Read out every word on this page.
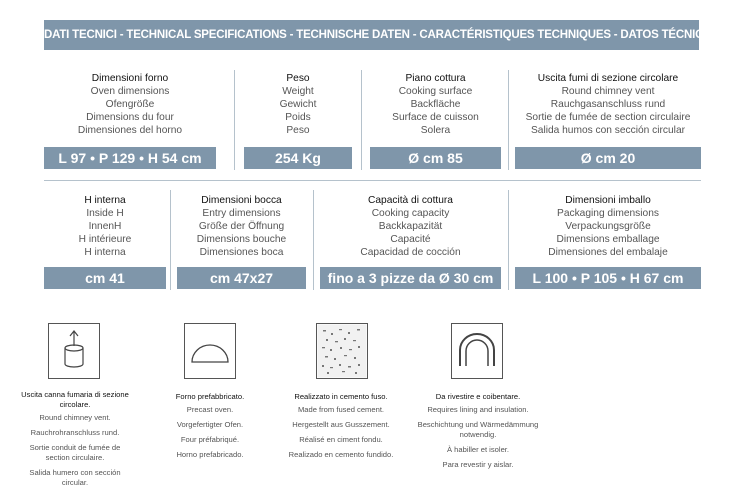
DATI TECNICI - TECHNICAL SPECIFICATIONS - TECHNISCHE DATEN - CARACTÉRISTIQUES TECHNIQUES - DATOS TÉCNICOS
Dimensioni forno
Oven dimensions
Ofengröße
Dimensions du four
Dimensiones del horno
L 97 • P 129 • H 54 cm
Peso
Weight
Gewicht
Poids
Peso
254 Kg
Piano cottura
Cooking surface
Backfläche
Surface de cuisson
Solera
Ø cm 85
Uscita fumi di sezione circolare
Round chimney vent
Rauchgasanschluss rund
Sortie de fumée de section circulaire
Salida humos con sección circular
Ø cm 20
H interna
Inside H
InnenH
H intérieure
H interna
cm 41
Dimensioni bocca
Entry dimensions
Größe der Öffnung
Dimensions bouche
Dimensiones boca
cm 47x27
Capacità di cottura
Cooking capacity
Backkapazität
Capacité
Capacidad de cocción
fino a 3 pizze da Ø 30 cm
Dimensioni imballo
Packaging dimensions
Verpackungsgröße
Dimensions emballage
Dimensiones del embalaje
L 100 • P 105 • H 67 cm
Uscita canna fumaria di sezione circolare.
Round chimney vent.
Rauchrohranschluss rund.
Sortie conduit de fumée de section circulaire.
Salida humero con sección circular.
Forno prefabbricato.
Precast oven.
Vorgefertigter Ofen.
Four préfabriqué.
Horno prefabricado.
Realizzato in cemento fuso.
Made from fused cement.
Hergestellt aus Gusszement.
Réalisé en ciment fondu.
Realizado en cemento fundido.
Da rivestire e coibentare.
Requires lining and insulation.
Beschichtung und Wärmedämmung notwendig.
À habiller et isoler.
Para revestir y aislar.
